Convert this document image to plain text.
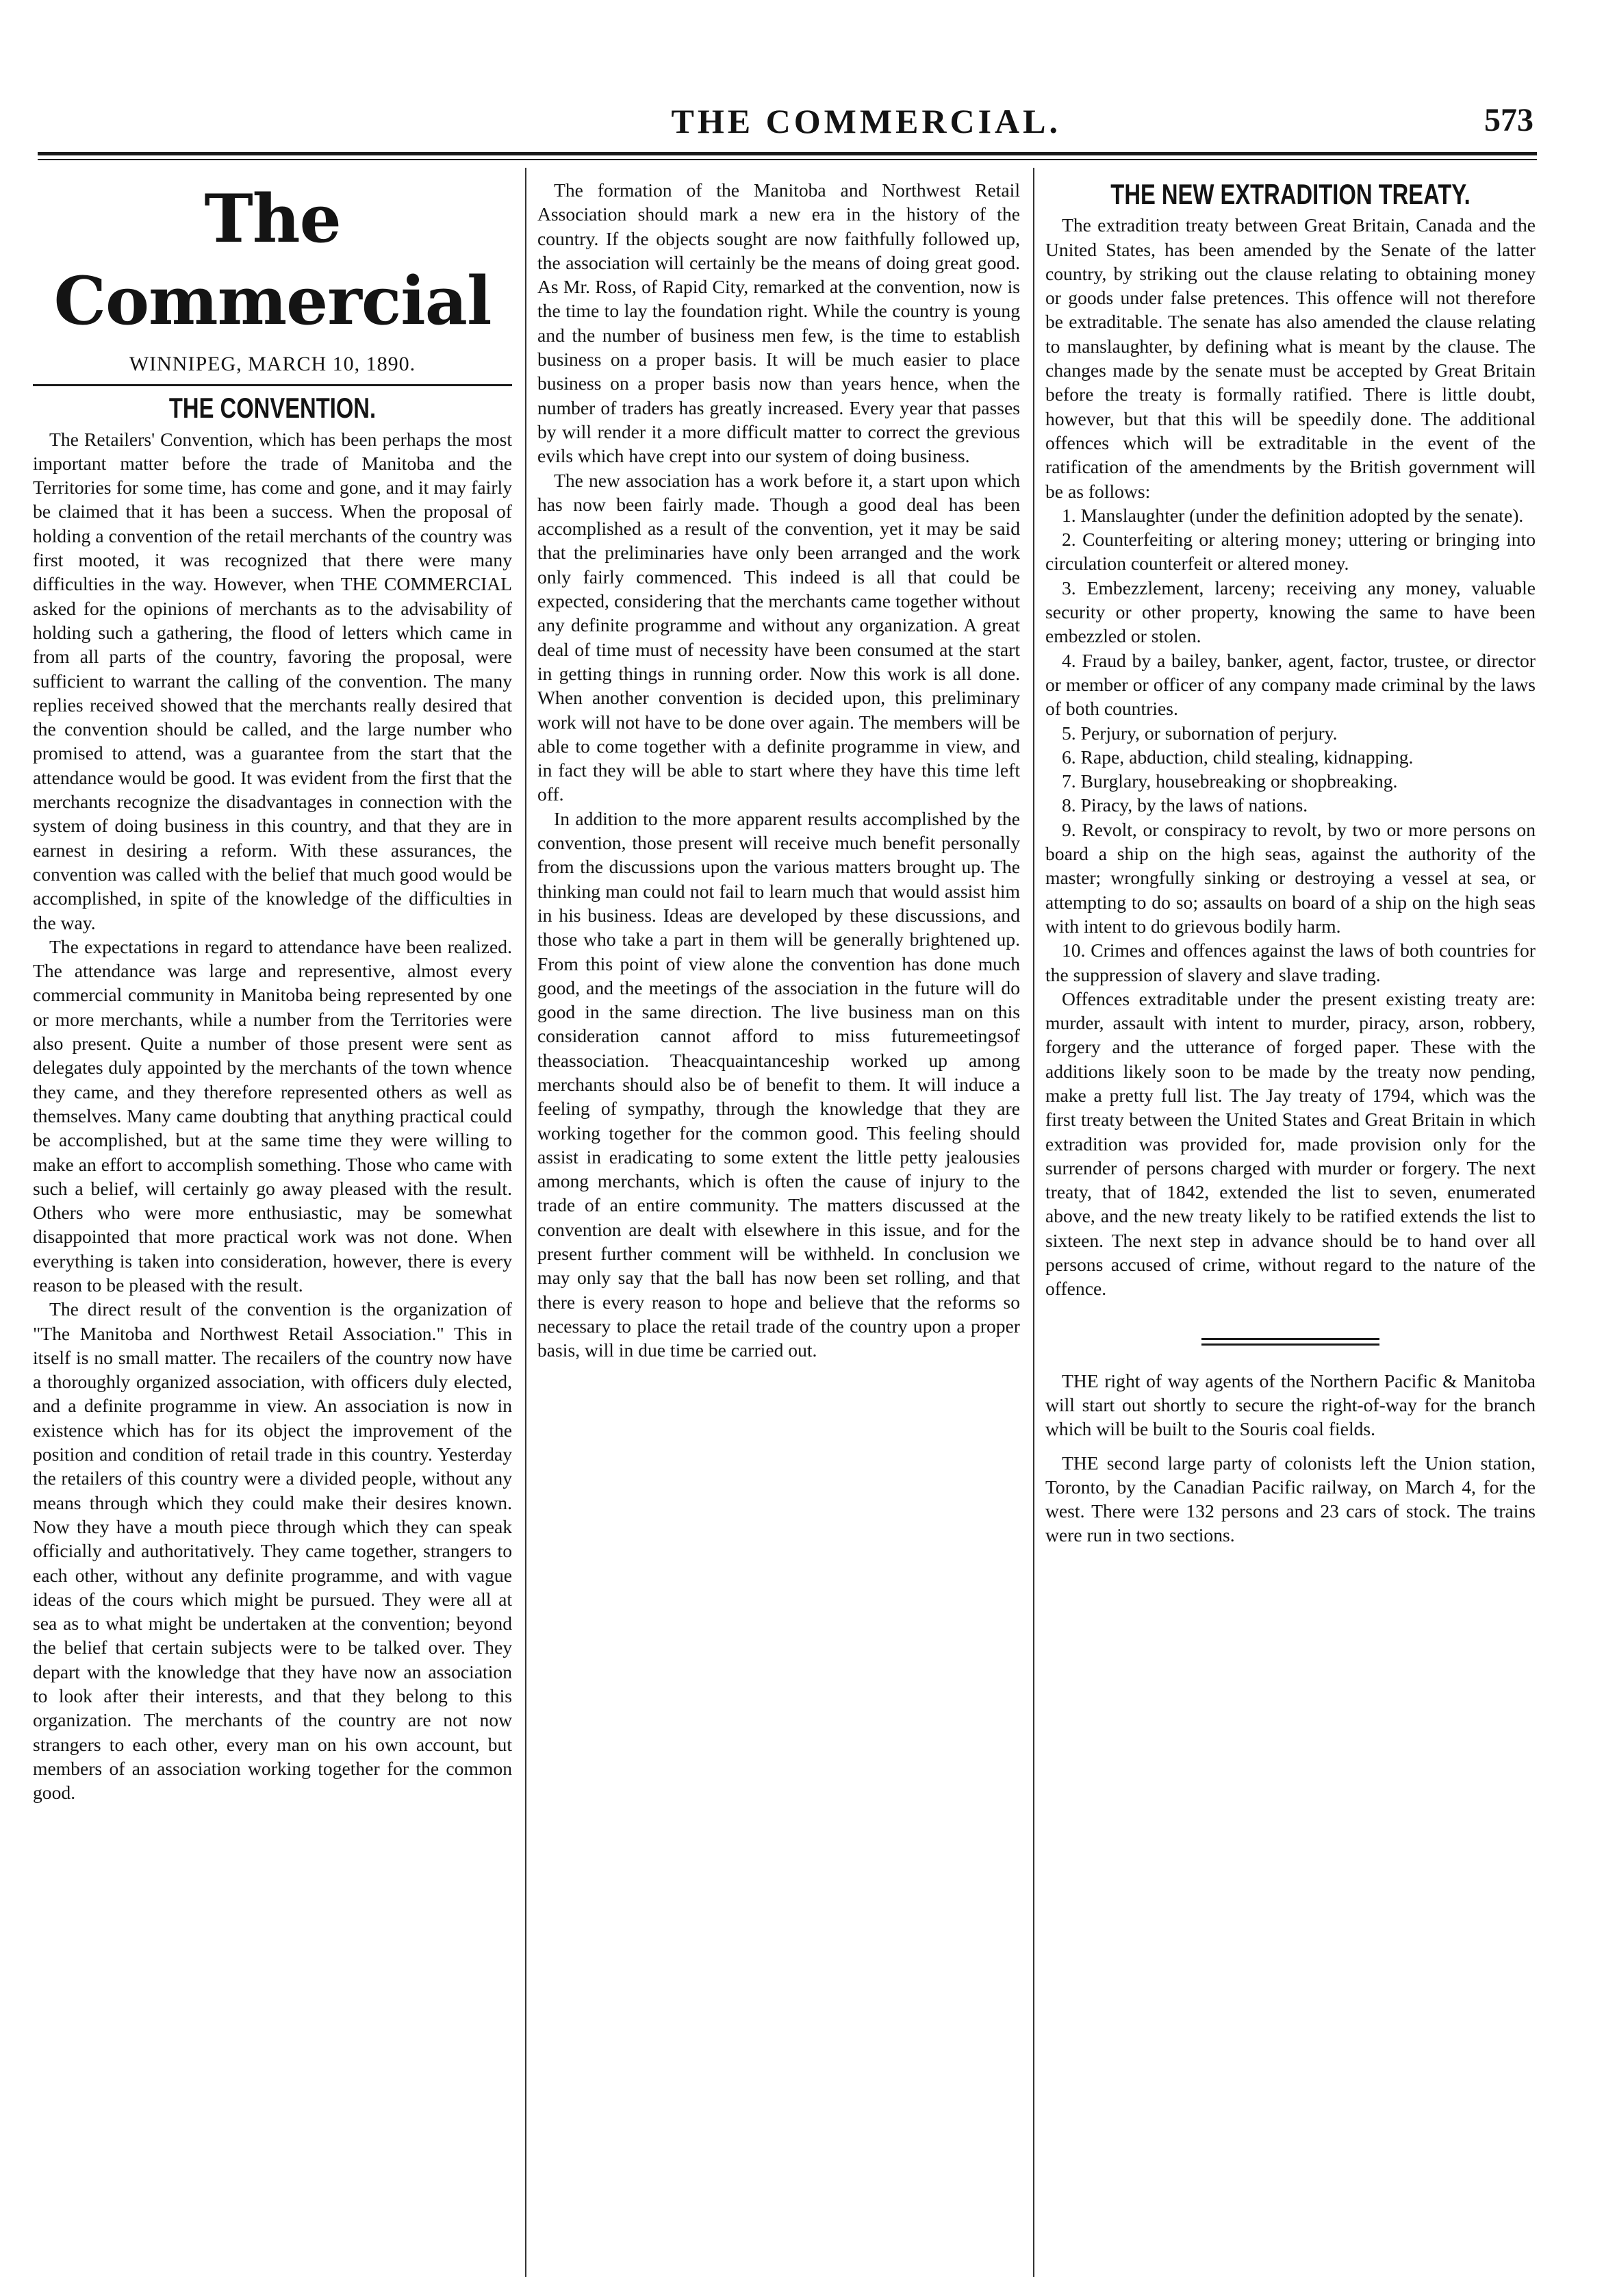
THE COMMERCIAL.	573
The Commercial
WINNIPEG, MARCH 10, 1890.
THE CONVENTION.

The Retailers' Convention, which has been perhaps the most important matter before the trade of Manitoba and the Territories for some time, has come and gone, and it may fairly be claimed that it has been a success. When the proposal of holding a convention of the retail merchants of the country was first mooted, it was recognized that there were many difficulties in the way. However, when THE COMMERCIAL asked for the opinions of merchants as to the advisability of holding such a gathering, the flood of letters which came in from all parts of the country, favoring the proposal, were sufficient to warrant the calling of the convention. The many replies received showed that the merchants really desired that the convention should be called, and the large number who promised to attend, was a guarantee from the start that the attendance would be good. It was evident from the first that the merchants recognize the disadvantages in connection with the system of doing business in this country, and that they are in earnest in desiring a reform. With these assurances, the convention was called with the belief that much good would be accomplished, in spite of the knowledge of the difficulties in the way.

The expectations in regard to attendance have been realized. The attendance was large and representive, almost every commercial community in Manitoba being represented by one or more merchants, while a number from the Territories were also present. Quite a number of those present were sent as delegates duly appointed by the merchants of the town whence they came, and they therefore represented others as well as themselves. Many came doubting that anything practical could be accomplished, but at the same time they were willing to make an effort to accomplish something. Those who came with such a belief, will certainly go away pleased with the result. Others who were more enthusiastic, may be somewhat disappointed that more practical work was not done. When everything is taken into consideration, however, there is every reason to be pleased with the result.

The direct result of the convention is the organization of "The Manitoba and Northwest Retail Association." This in itself is no small matter. The recailers of the country now have a thoroughly organized association, with officers duly elected, and a definite programme in view. An association is now in existence which has for its object the improvement of the position and condition of retail trade in this country. Yesterday the retailers of this country were a divided people, without any means through which they could make their desires known. Now they have a mouth piece through which they can speak officially and authoritatively. They came together, strangers to each other, without any definite programme, and with vague ideas of the cours which might be pursued. They were all at sea as to what might be undertaken at the convention; beyond the belief that certain subjects were to be talked over. They depart with the knowledge that they have now an association to look after their interests, and that they belong to this organization. The merchants of the country are not now strangers to each other, every man on his own account, but members of an association working together for the common good.

The formation of the Manitoba and Northwest Retail Association should mark a new era in the history of the country. If the objects sought are now faithfully followed up, the association will certainly be the means of doing great good. As Mr. Ross, of Rapid City, remarked at the convention, now is the time to lay the foundation right. While the country is young and the number of business men few, is the time to establish business on a proper basis. It will be much easier to place business on a proper basis now than years hence, when the number of traders has greatly increased. Every year that passes by will render it a more difficult matter to correct the grevious evils which have crept into our system of doing business.

The new association has a work before it, a start upon which has now been fairly made. Though a good deal has been accomplished as a result of the convention, yet it may be said that the preliminaries have only been arranged and the work only fairly commenced. This indeed is all that could be expected, considering that the merchants came together without any definite programme and without any organization. A great deal of time must of necessity have been consumed at the start in getting things in running order. Now this work is all done. When another convention is decided upon, this preliminary work will not have to be done over again. The members will be able to come together with a definite programme in view, and in fact they will be able to start where they have this time left off.

In addition to the more apparent results accomplished by the convention, those present will receive much benefit personally from the discussions upon the various matters brought up. The thinking man could not fail to learn much that would assist him in his business. Ideas are developed by these discussions, and those who take a part in them will be generally brightened up. From this point of view alone the convention has done much good, and the meetings of the association in the future will do good in the same direction. The live business man on this consideration cannot afford to miss futuremeetingsof theassociation. Theacquaintanceship worked up among merchants should also be of benefit to them. It will induce a feeling of sympathy, through the knowledge that they are working together for the common good. This feeling should assist in eradicating to some extent the little petty jealousies among merchants, which is often the cause of injury to the trade of an entire community. The matters discussed at the convention are dealt with elsewhere in this issue, and for the present further comment will be withheld. In conclusion we may only say that the ball has now been set rolling, and that there is every reason to hope and believe that the reforms so necessary to place the retail trade of the country upon a proper basis, will in due time be carried out.

THE NEW EXTRADITION TREATY.

The extradition treaty between Great Britain, Canada and the United States, has been amended by the Senate of the latter country, by striking out the clause relating to obtaining money or goods under false pretences. This offence will not therefore be extraditable. The senate has also amended the clause relating to manslaughter, by defining what is meant by the clause. The changes made by the senate must be accepted by Great Britain before the treaty is formally ratified. There is little doubt, however, but that this will be speedily done. The additional offences which will be extraditable in the event of the ratification of the amendments by the British government will be as follows:

1. Manslaughter (under the definition adopted by the senate).

2. Counterfeiting or altering money; uttering or bringing into circulation counterfeit or altered money.

3. Embezzlement, larceny; receiving any money, valuable security or other property, knowing the same to have been embezzled or stolen.

4. Fraud by a bailey, banker, agent, factor, trustee, or director or member or officer of any company made criminal by the laws of both countries.

5. Perjury, or subornation of perjury.

6. Rape, abduction, child stealing, kidnapping.

7. Burglary, housebreaking or shopbreaking.

8. Piracy, by the laws of nations.

9. Revolt, or conspiracy to revolt, by two or more persons on board a ship on the high seas, against the authority of the master; wrongfully sinking or destroying a vessel at sea, or attempting to do so; assaults on board of a ship on the high seas with intent to do grievous bodily harm.

10. Crimes and offences against the laws of both countries for the suppression of slavery and slave trading.

Offences extraditable under the present existing treaty are: murder, assault with intent to murder, piracy, arson, robbery, forgery and the utterance of forged paper. These with the additions likely soon to be made by the treaty now pending, make a pretty full list. The Jay treaty of 1794, which was the first treaty between the United States and Great Britain in which extradition was provided for, made provision only for the surrender of persons charged with murder or forgery. The next treaty, that of 1842, extended the list to seven, enumerated above, and the new treaty likely to be ratified extends the list to sixteen. The next step in advance should be to hand over all persons accused of crime, without regard to the nature of the offence.

THE right of way agents of the Northern Pacific & Manitoba will start out shortly to secure the right-of-way for the branch which will be built to the Souris coal fields.

THE second large party of colonists left the Union station, Toronto, by the Canadian Pacific railway, on March 4, for the west. There were 132 persons and 23 cars of stock. The trains were run in two sections.
